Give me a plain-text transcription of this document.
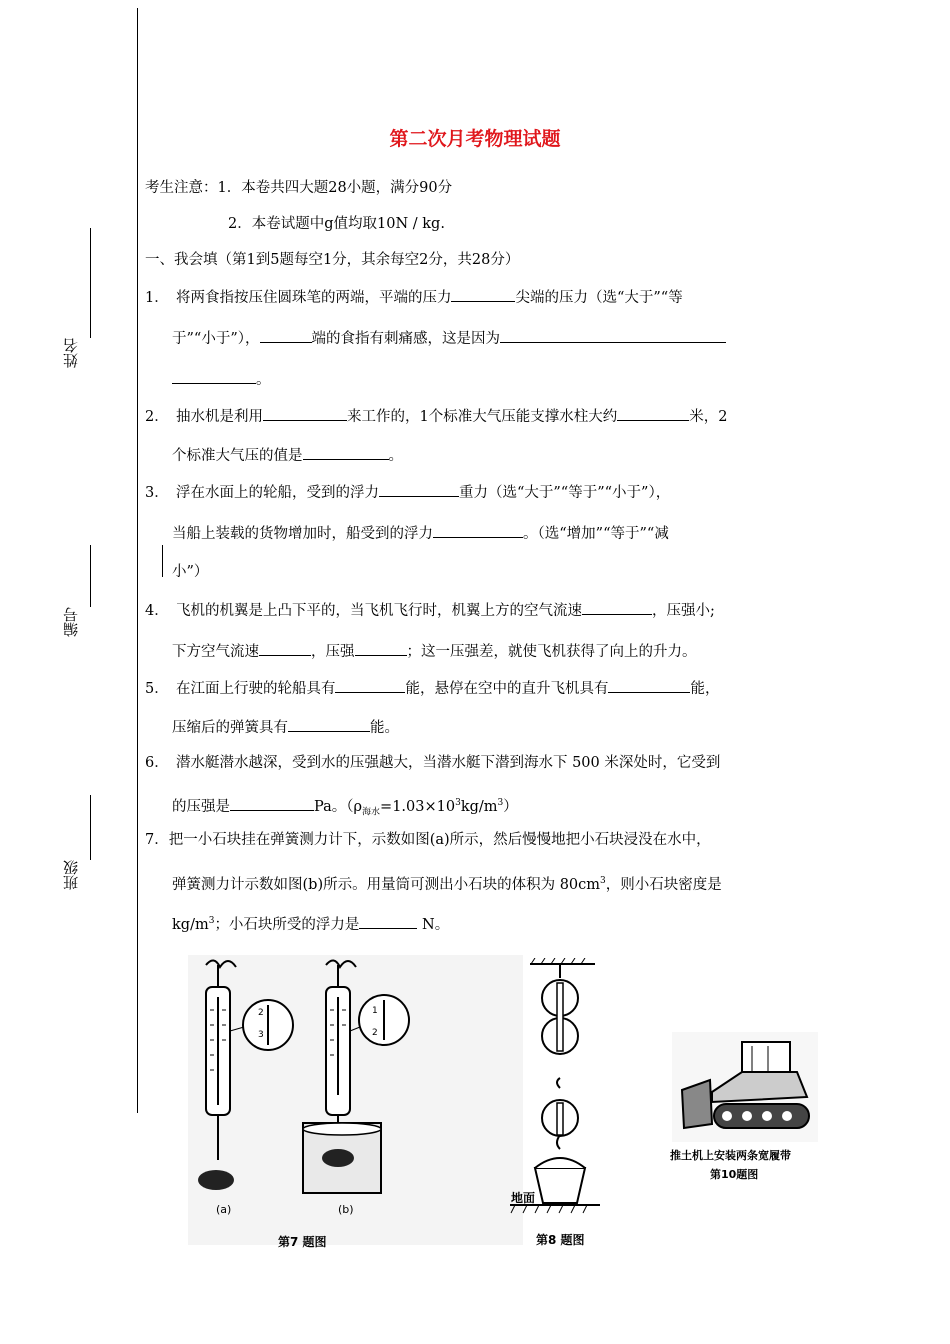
姓名
编号
班级
第二次月考物理试题
考生注意：1．本卷共四大题28小题，满分90分
2．本卷试题中g值均取10N / kg.
一、我会填（第1到5题每空1分，其余每空2分，共28分）
1．　将两食指按压住圆珠笔的两端，平端的压力	尖端的压力（选“大于”“等
于”“小于”），	端的食指有刺痛感，这是因为
。
2．　抽水机是利用	来工作的，1个标准大气压能支撑水柱大约	米，2
个标准大气压的值是	。
3．　浮在水面上的轮船，受到的浮力	重力（选“大于”“等于”“小于”），
当船上装载的货物增加时，船受到的浮力	。（选“增加”“等于”“减
小”）
4．　飞机的机翼是上凸下平的，当飞机飞行时，机翼上方的空气流速	，压强小;
下方空气流速	，压强	；这一压强差，就使飞机获得了向上的升力。
5．　在江面上行驶的轮船具有	能，悬停在空中的直升飞机具有	能，
压缩后的弹簧具有	能。
6．　潜水艇潜水越深，受到水的压强越大，当潜水艇下潜到海水下 500 米深处时，它受到
的压强是	Pa。$(\rho_{海水}=1.03\times 10^3kg/m^3)$
7．把一小石块挂在弹簧测力计下，示数如图(a)所示，然后慢慢地把小石块浸没在水中，
弹簧测力计示数如图(b)所示。用量筒可测出小石块的体积为 $80cm^3$，则小石块密度是
$kg/m^3$；小石块所受的浮力是	N。
2
3
(a)
1
2
(b)
第7 题图
地面
第8 题图
推土机上安装两条宽履带
第10题图
